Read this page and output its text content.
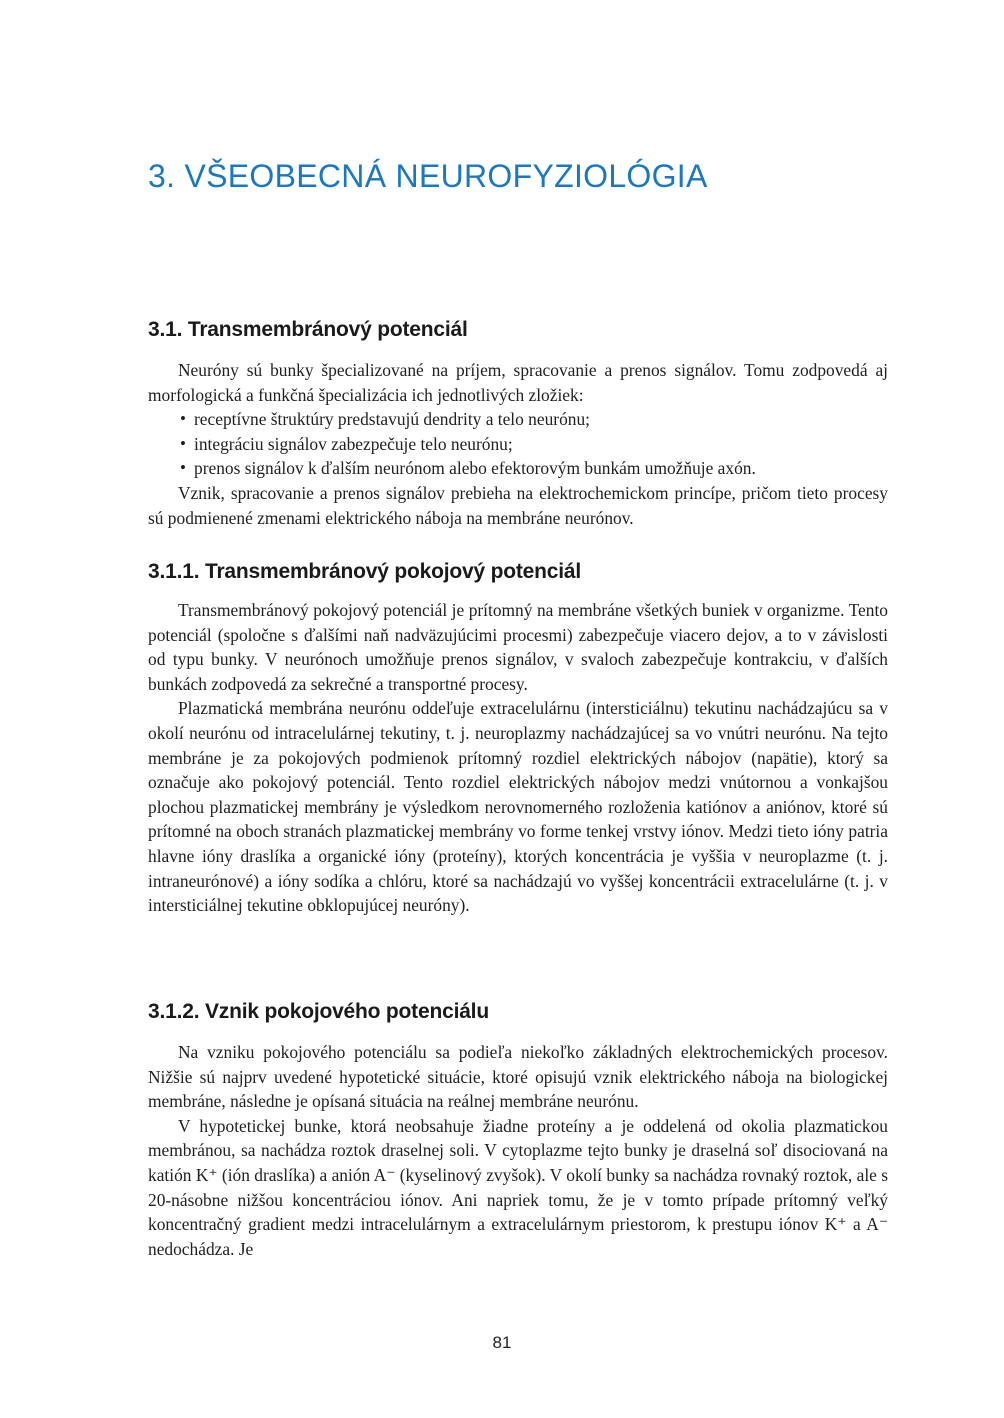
3. VŠEOBECNÁ NEUROFYZIOLÓGIA
3.1. Transmembránový potenciál

Neuróny sú bunky špecializované na príjem, spracovanie a prenos signálov. Tomu zodpovedá aj morfologická a funkčná špecializácia ich jednotlivých zložiek:

• receptívne štruktúry predstavujú dendrity a telo neurónu;
• integráciu signálov zabezpečuje telo neurónu;
• prenos signálov k ďalším neurónom alebo efektorovým bunkám umožňuje axón.

Vznik, spracovanie a prenos signálov prebieha na elektrochemickom princípe, pričom tieto procesy sú podmienené zmenami elektrického náboja na membráne neurónov.

3.1.1. Transmembránový pokojový potenciál

Transmembránový pokojový potenciál je prítomný na membráne všetkých buniek v organizme. Tento potenciál (spoločne s ďalšími naň nadväzujúcimi procesmi) zabezpečuje viacero dejov, a to v závislosti od typu bunky. V neurónoch umožňuje prenos signálov, v svaloch zabezpečuje kontrakciu, v ďalších bunkách zodpovedá za sekrečné a transportné procesy.

Plazmatická membrána neurónu oddeľuje extracelulárnu (intersticiálnu) tekutinu nachádzajúcu sa v okolí neurónu od intracelulárnej tekutiny, t. j. neuroplazmy nachádzajúcej sa vo vnútri neurónu. Na tejto membráne je za pokojových podmienok prítomný rozdiel elektrických nábojov (napätie), ktorý sa označuje ako pokojový potenciál. Tento rozdiel elektrických nábojov medzi vnútornou a vonkajšou plochou plazmatickej membrány je výsledkom nerovnomerného rozloženia katiónov a aniónov, ktoré sú prítomné na oboch stranách plazmatickej membrány vo forme tenkej vrstvy iónov. Medzi tieto ióny patria hlavne ióny draslíka a organické ióny (proteíny), ktorých koncentrácia je vyššia v neuroplazme (t. j. intraneurónové) a ióny sodíka a chlóru, ktoré sa nachádzajú vo vyššej koncentrácii extracelulárne (t. j. v intersticiálnej tekutine obklopujúcej neuróny).

3.1.2. Vznik pokojového potenciálu

Na vzniku pokojového potenciálu sa podieľa niekoľko základných elektrochemických procesov. Nižšie sú najprv uvedené hypotetické situácie, ktoré opisujú vznik elektrického náboja na biologickej membráne, následne je opísaná situácia na reálnej membráne neurónu.

V hypotetickej bunke, ktorá neobsahuje žiadne proteíny a je oddelená od okolia plazmatickou membránou, sa nachádza roztok draselnej soli. V cytoplazme tejto bunky je draselná soľ disociovaná na katión K⁺ (ión draslíka) a anión A⁻ (kyselinový zvyšok). V okolí bunky sa nachádza rovnaký roztok, ale s 20-násobne nižšou koncentráciou iónov. Ani napriek tomu, že je v tomto prípade prítomný veľký koncentračný gradient medzi intracelulárnym a extracelulárnym priestorom, k prestupu iónov K⁺ a A⁻ nedochádza. Je

81
